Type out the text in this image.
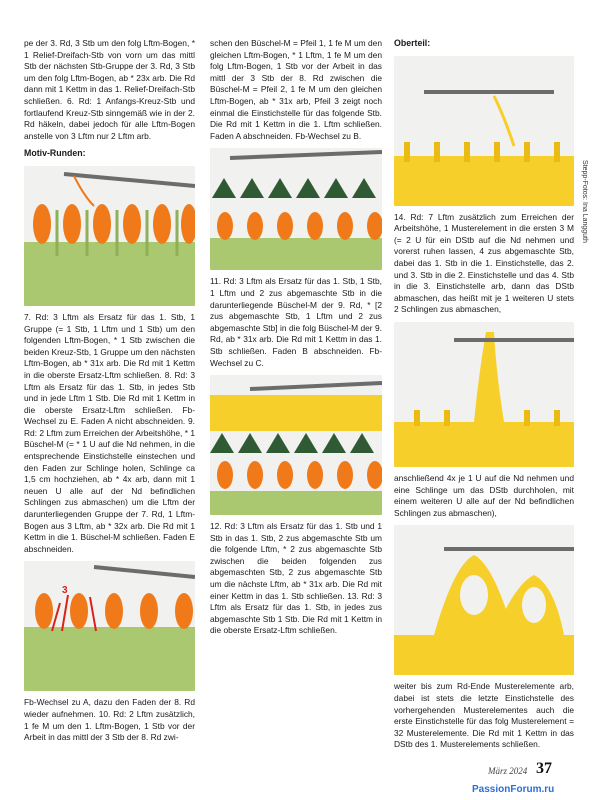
pe der 3. Rd, 3 Stb um den folg Lftm-Bogen, * 1 Relief-Dreifach-Stb von vorn um das mittl Stb der nächsten Stb-Gruppe der 3. Rd, 3 Stb um den folg Lftm-Bogen, ab * 23x arb. Die Rd dann mit 1 Kettm in das 1. Relief-Dreifach-Stb schließen. 6. Rd: 1 Anfangs-Kreuz-Stb und fortlaufend Kreuz-Stb sinngemäß wie in der 2. Rd häkeln, dabei jedoch für alle Lftm-Bogen anstelle von 3 Lftm nur 2 Lftm arb.

Motiv-Runden:

7. Rd: 3 Lftm als Ersatz für das 1. Stb, 1 Gruppe (= 1 Stb, 1 Lftm und 1 Stb) um den folgenden Lftm-Bogen, * 1 Stb zwischen die beiden Kreuz-Stb, 1 Gruppe um den nächsten Lftm-Bogen, ab * 31x arb. Die Rd mit 1 Kettm in die oberste Ersatz-Lftm schließen. 8. Rd: 3 Lftm als Ersatz für das 1. Stb, in jedes Stb und in jede Lftm 1 Stb. Die Rd mit 1 Kettm in die oberste Ersatz-Lftm schließen. Fb-Wechsel zu E. Faden A nicht abschneiden. 9. Rd: 2 Lftm zum Erreichen der Arbeitshöhe, * 1 Büschel-M (= * 1 U auf die Nd nehmen, in die entsprechende Einstichstelle einstechen und den Faden zur Schlinge holen, Schlinge ca 1,5 cm hochziehen, ab * 4x arb, dann mit 1 neuen U alle auf der Nd befindlichen Schlingen zus abmaschen) um die Lftm der darunterliegenden Gruppe der 7. Rd, 1 Lftm-Bogen aus 3 Lftm, ab * 32x arb. Die Rd mit 1 Kettm in die 1. Büschel-M schließen. Faden E abschneiden.

3

Fb-Wechsel zu A, dazu den Faden der 8. Rd wieder aufnehmen. 10. Rd: 2 Lftm zusätzlich, 1 fe M um den 1. Lftm-Bogen, 1 Stb vor der Arbeit in das mittl der 3 Stb der 8. Rd zwi-

schen den Büschel-M = Pfeil 1, 1 fe M um den gleichen Lftm-Bogen, * 1 Lftm, 1 fe M um den folg Lftm-Bogen, 1 Stb vor der Arbeit in das mittl der 3 Stb der 8. Rd zwischen die Büschel-M = Pfeil 2, 1 fe M um den gleichen Lftm-Bogen, ab * 31x arb, Pfeil 3 zeigt noch einmal die Einstichstelle für das folgende Stb. Die Rd mit 1 Kettm in die 1. Lftm schließen. Faden A abschneiden. Fb-Wechsel zu B.

11. Rd: 3 Lftm als Ersatz für das 1. Stb, 1 Stb, 1 Lftm und 2 zus abgemaschte Stb in die darunterliegende Büschel-M der 9. Rd, * [2 zus abgemaschte Stb, 1 Lftm und 2 zus abgemaschte Stb] in die folg Büschel-M der 9. Rd, ab * 31x arb. Die Rd mit 1 Kettm in das 1. Stb schließen. Faden B abschneiden. Fb-Wechsel zu C.

12. Rd: 3 Lftm als Ersatz für das 1. Stb und 1 Stb in das 1. Stb, 2 zus abgemaschte Stb um die folgende Lftm, * 2 zus abgemaschte Stb zwischen die beiden folgenden zus abgemaschten Stb, 2 zus abgemaschte Stb um die nächste Lftm, ab * 31x arb. Die Rd mit einer Kettm in das 1. Stb schließen. 13. Rd: 3 Lftm als Ersatz für das 1. Stb, in jedes zus abgemaschte Stb 1 Stb. Die Rd mit 1 Kettm in die oberste Ersatz-Lftm schließen.

Oberteil:

14. Rd: 7 Lftm zusätzlich zum Erreichen der Arbeitshöhe, 1 Musterelement in die ersten 3 M (= 2 U für ein DStb auf die Nd nehmen und vorerst ruhen lassen, 4 zus abgemaschte Stb, dabei das 1. Stb in die 1. Einstichstelle, das 2. und 3. Stb in die 2. Einstichstelle und das 4. Stb in die 3. Einstichstelle arb, dann das DStb abmaschen, das heißt mit je 1 weiteren U stets 2 Schlingen zus abmaschen,

anschließend 4x je 1 U auf die Nd nehmen und eine Schlinge um das DStb durchholen, mit einem weiteren U alle auf der Nd befindlichen Schlingen zus abmaschen),

weiter bis zum Rd-Ende Musterelemente arb, dabei ist stets die letzte Einstichstelle des vorhergehenden Musterelementes auch die erste Einstichstelle für das folg Musterelement = 32 Musterelemente. Die Rd mit 1 Kettm in das DStb des 1. Musterelements schließen.

Stepp-Fotos: Ina Langguth
März 2024 37
PassionForum.ru
